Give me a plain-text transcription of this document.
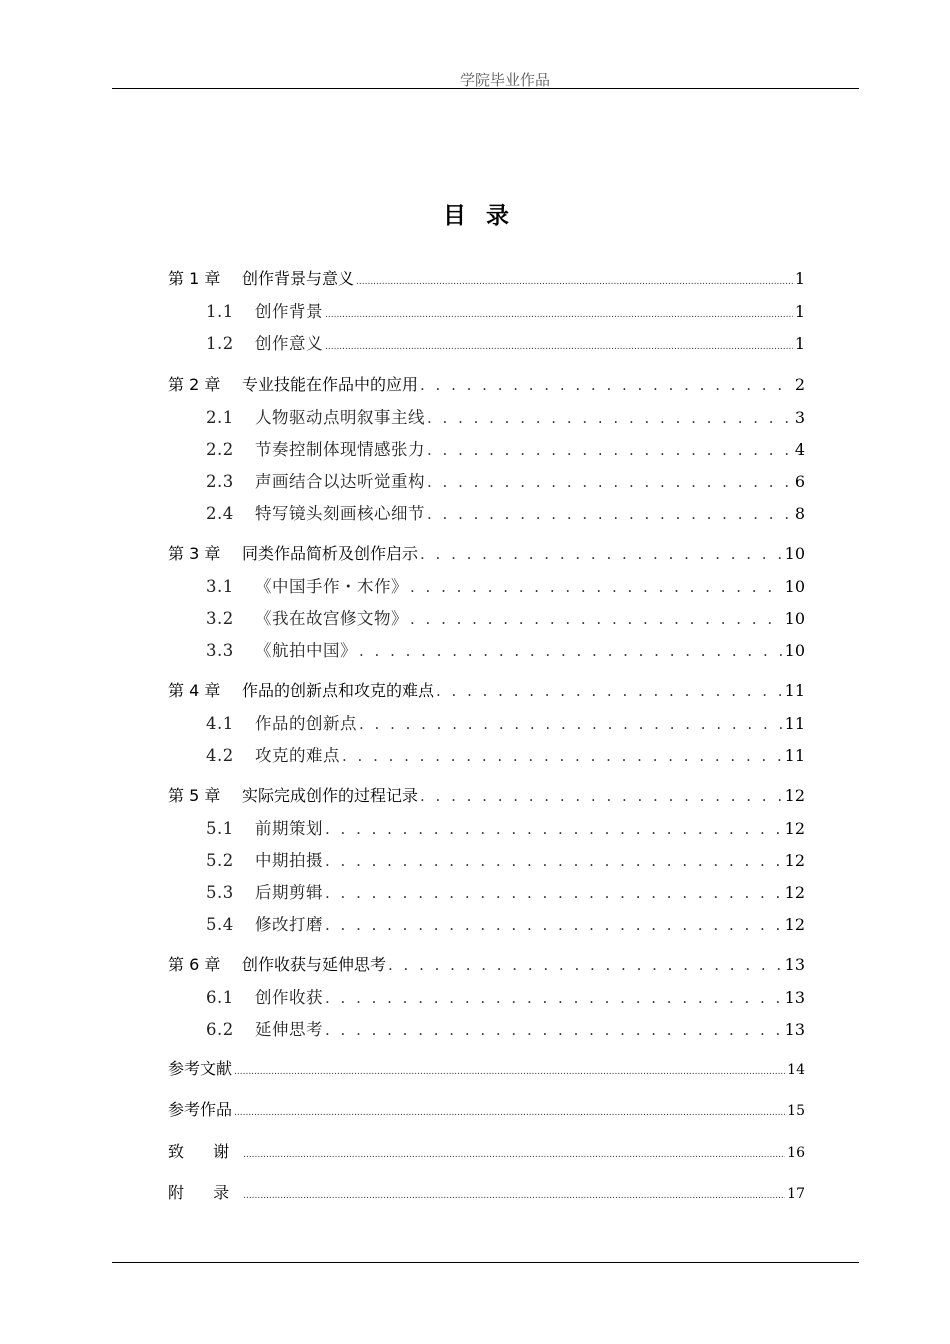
学院毕业作品
目录
第 1 章 创作背景与意义 .....	1
1.1 创作背景 .....	1
1.2 创作意义 .....	1
第 2 章 专业技能在作品中的应用 . . .	2
2.1 人物驱动点明叙事主线 . . .	3
2.2 节奏控制体现情感张力 . . .	4
2.3 声画结合以达听觉重构 . . .	6
2.4 特写镜头刻画核心细节 . . .	8
第 3 章 同类作品简析及创作启示 . . .	10
3.1 《中国手作・木作》 . . .	10
3.2 《我在故宫修文物》 . . .	10
3.3 《航拍中国》 . . .	10
第 4 章 作品的创新点和攻克的难点 . . .	11
4.1 作品的创新点 . . .	11
4.2 攻克的难点 . . .	11
第 5 章 实际完成创作的过程记录 . . .	12
5.1 前期策划 . . .	12
5.2 中期拍摄 . . .	12
5.3 后期剪辑 . . .	12
5.4 修改打磨 . . .	12
第 6 章 创作收获与延伸思考 . . .	13
6.1 创作收获 . . .	13
6.2 延伸思考 . . .	13
参考文献 .....	14
参考作品 .....	15
致 谢 .....	16
附 录 .....	17
